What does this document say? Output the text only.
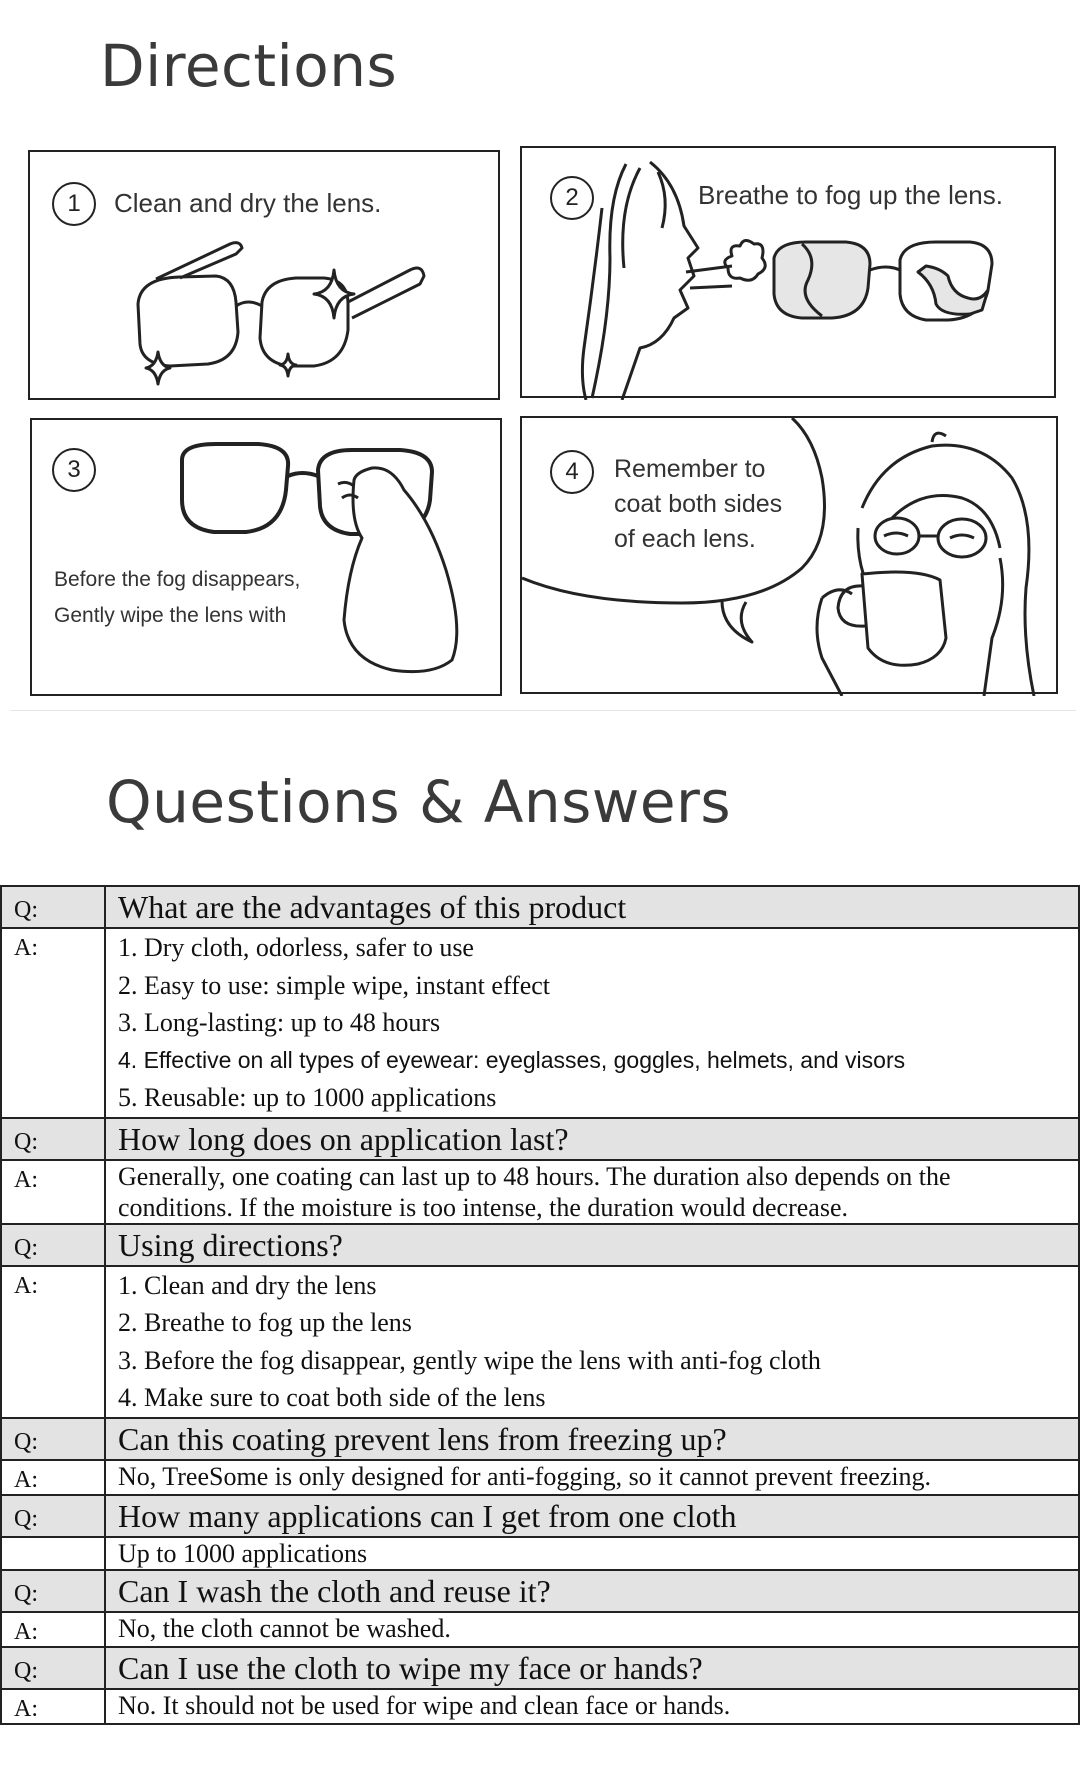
Directions
1	Clean and dry the lens.	2	Breathe to fog up the lens.
3
Before the fog disappears,
Gently wipe the lens with
4	Remember to
coat both sides
of each lens.
Questions & Answers
Q:	What are the advantages of this product
A:	1. Dry cloth, odorless, safer to use
2. Easy to use: simple wipe, instant effect
3. Long-lasting: up to 48 hours
4. Effective on all types of eyewear: eyeglasses, goggles, helmets, and visors
5. Reusable: up to 1000 applications

Q:	How long does on application last?
A:	Generally, one coating can last up to 48 hours. The duration also depends on the
conditions. If the moisture is too intense, the duration would decrease.

Q:	Using directions?
A:	1. Clean and dry the lens
2. Breathe to fog up the lens
3. Before the fog disappear, gently wipe the lens with anti-fog cloth
4. Make sure to coat both side of the lens

Q:	Can this coating prevent lens from freezing up?
A:	No, TreeSome is only designed for anti-fogging, so it cannot prevent freezing.

Q:	How many applications can I get from one cloth

	Up to 1000 applications

Q:	Can I wash the cloth and reuse it?
A:	No, the cloth cannot be washed.

Q:	Can I use the cloth to wipe my face or hands?
A:	No. It should not be used for wipe and clean face or hands.
